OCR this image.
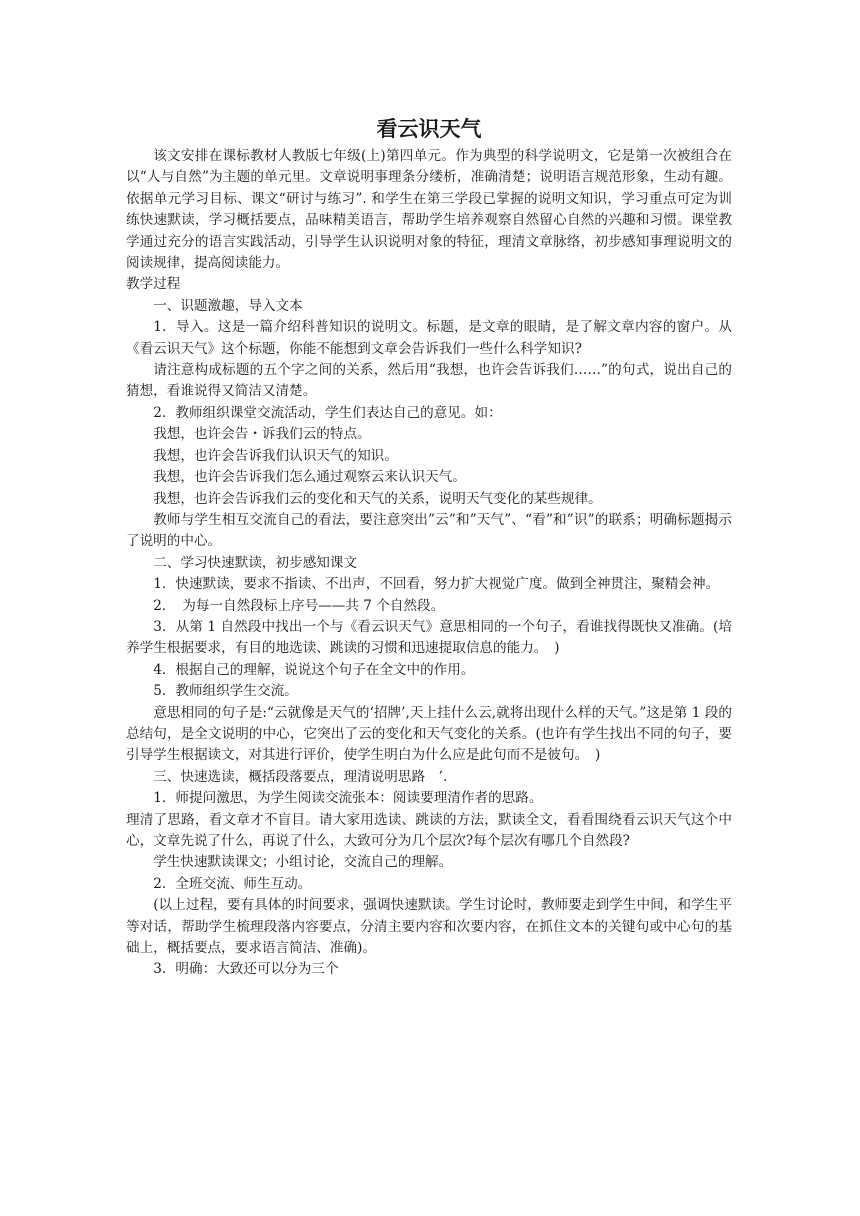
看云识天气

该文安排在课标教材人教版七年级(上)第四单元。作为典型的科学说明文，它是第一次被组合在以“人与自然”为主题的单元里。文章说明事理条分缕析，准确清楚；说明语言规范形象，生动有趣。依据单元学习目标、课文“研讨与练习”. 和学生在第三学段已掌握的说明文知识，学习重点可定为训练快速默读，学习概括要点，品味精美语言，帮助学生培养观察自然留心自然的兴趣和习惯。课堂教学通过充分的语言实践活动，引导学生认识说明对象的特征，理清文章脉络，初步感知事理说明文的阅读规律，提高阅读能力。

教学过程

一、识题激趣，导入文本

1．导入。这是一篇介绍科普知识的说明文。标题，是文章的眼睛，是了解文章内容的窗户。从《看云识天气》这个标题，你能不能想到文章会告诉我们一些什么科学知识?

请注意构成标题的五个字之间的关系，然后用“我想，也许会告诉我们……”的句式，说出自己的猜想，看谁说得又简洁又清楚。

2．教师组织课堂交流活动，学生们表达自己的意见。如：

我想，也许会告・诉我们云的特点。

我想，也许会告诉我们认识天气的知识。

我想，也许会告诉我们怎么通过观察云来认识天气。

我想，也许会告诉我们云的变化和天气的关系，说明天气变化的某些规律。

教师与学生相互交流自己的看法，要注意突出”云”和”天气”、“看”和”识”的联系；明确标题揭示了说明的中心。

二、学习快速默读，初步感知课文

1．快速默读，要求不指读、不出声，不回看，努力扩大视觉广度。做到全神贯注，聚精会神。

2．　为每一自然段标上序号——共 7 个自然段。

3．从第 1 自然段中找出一个与《看云识天气》意思相同的一个句子，看谁找得既快又准确。(培养学生根据要求，有目的地选读、跳读的习惯和迅速提取信息的能力。　)

4．根据自己的理解，说说这个句子在全文中的作用。

5．教师组织学生交流。

意思相同的句子是:“云就像是天气的‘招牌’,天上挂什么云,就将出现什么样的天气。”这是第 1 段的总结句，是全文说明的中心，它突出了云的变化和天气变化的关系。(也许有学生找出不同的句子，要引导学生根据读文，对其进行评价，使学生明白为什么应是此句而不是彼句。　)

三、快速选读，概括段落要点，理清说明思路　’.

1．师提问激思，为学生阅读交流张本：阅读要理清作者的思路。

理清了思路，看文章才不盲目。请大家用选读、跳读的方法，默读全文，看看围绕看云识天气这个中心，文章先说了什么，再说了什么，大致可分为几个层次?每个层次有哪几个自然段?

学生快速默读课文；小组讨论，交流自己的理解。

2．全班交流、师生互动。

(以上过程，要有具体的时间要求，强调快速默读。学生讨论时，教师要走到学生中间，和学生平等对话，帮助学生梳理段落内容要点，分清主要内容和次要内容，在抓住文本的关键句或中心句的基础上，概括要点，要求语言简洁、准确)。

3．明确：大致还可以分为三个
